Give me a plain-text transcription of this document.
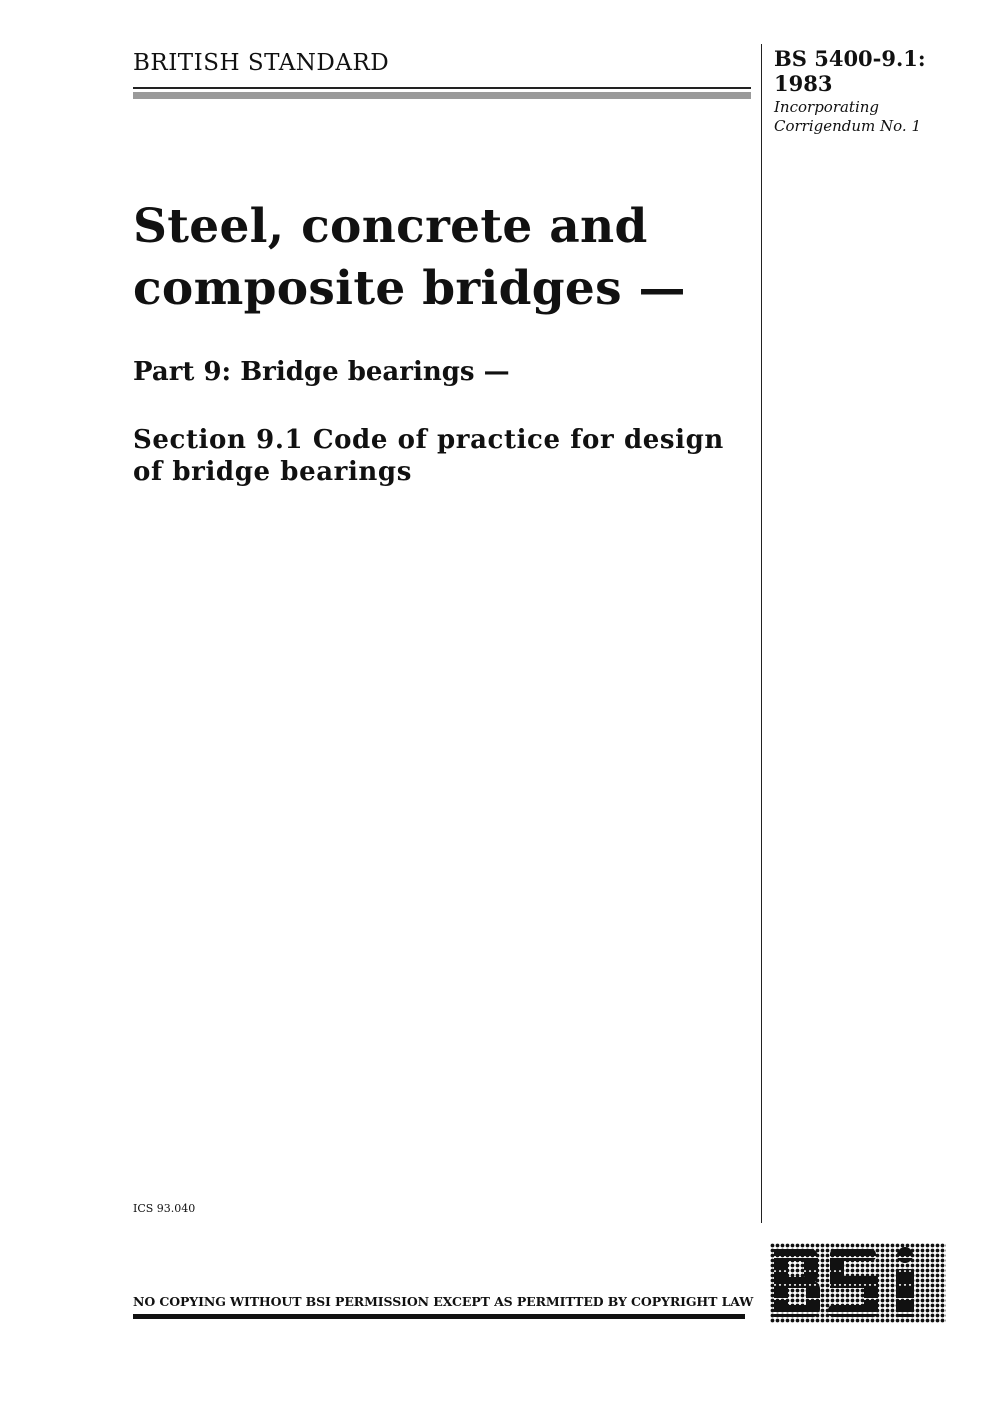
BRITISH STANDARD	BS 5400-9.1:
1983
Incorporating
Corrigendum No. 1
Steel, concrete and
composite bridges —
Part 9: Bridge bearings —
Section 9.1 Code of practice for design
of bridge bearings
ICS 93.040
NO COPYING WITHOUT BSI PERMISSION EXCEPT AS PERMITTED BY COPYRIGHT LAW
